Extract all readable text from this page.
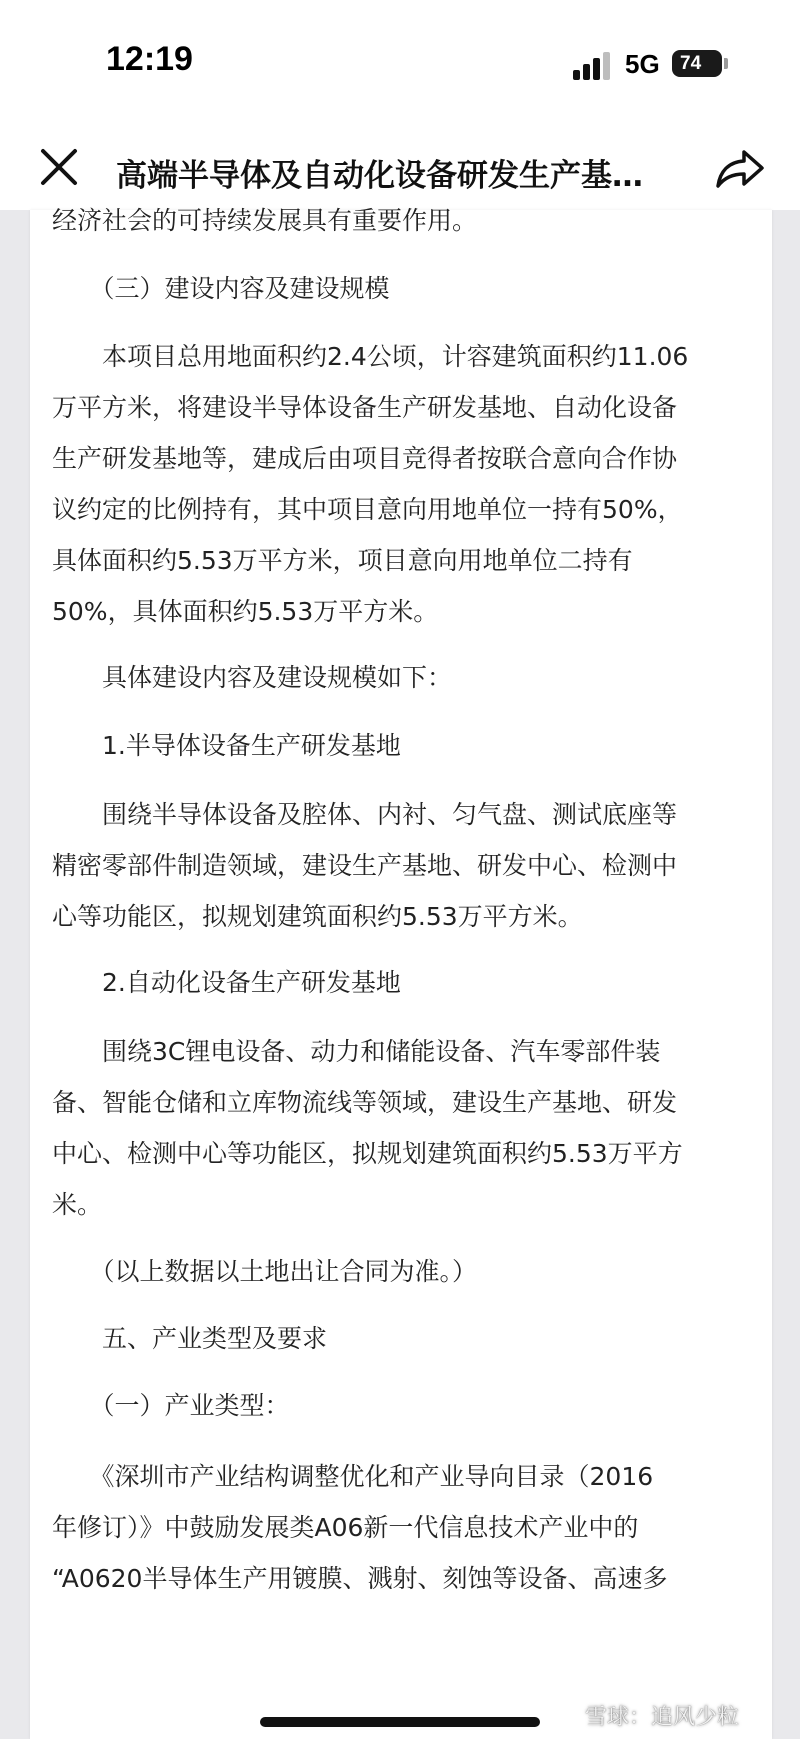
12:19	5G	74
高端半导体及自动化设备研发生产基…

经济社会的可持续发展具有重要作用。

　　（三）建设内容及建设规模

　　本项目总用地面积约2.4公顷，计容建筑面积约11.06

万平方米，将建设半导体设备生产研发基地、自动化设备

生产研发基地等，建成后由项目竞得者按联合意向合作协

议约定的比例持有，其中项目意向用地单位一持有50%，

具体面积约5.53万平方米，项目意向用地单位二持有

50%，具体面积约5.53万平方米。

　　具体建设内容及建设规模如下：

　　1.半导体设备生产研发基地

　　围绕半导体设备及腔体、内衬、匀气盘、测试底座等

精密零部件制造领域，建设生产基地、研发中心、检测中

心等功能区，拟规划建筑面积约5.53万平方米。

　　2.自动化设备生产研发基地

　　围绕3C锂电设备、动力和储能设备、汽车零部件装

备、智能仓储和立库物流线等领域，建设生产基地、研发

中心、检测中心等功能区，拟规划建筑面积约5.53万平方

米。

　　（以上数据以土地出让合同为准。）

　　五、产业类型及要求

　　（一）产业类型：

　　《深圳市产业结构调整优化和产业导向目录（2016

年修订）》中鼓励发展类A06新一代信息技术产业中的

“A0620半导体生产用镀膜、溅射、刻蚀等设备、高速多

雪球：追风少粒
